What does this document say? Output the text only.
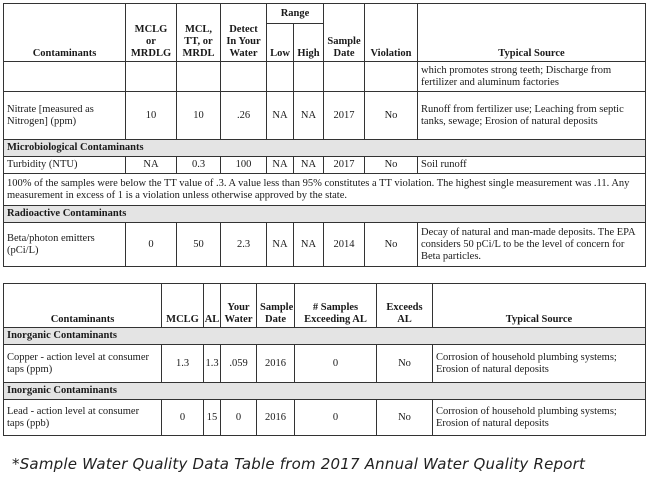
Contaminants	MCLG or MRDLG	MCL, TT, or MRDL	Detect In Your Water	Range		Sample Date	Violation	Typical Source
				Low	High			
								which promotes strong teeth; Discharge from fertilizer and aluminum factories
Nitrate [measured as Nitrogen] (ppm)	10	10	.26	NA	NA	2017	No	Runoff from fertilizer use; Leaching from septic tanks, sewage; Erosion of natural deposits
Microbiological Contaminants								
Turbidity (NTU)	NA	0.3	100	NA	NA	2017	No	Soil runoff
100% of the samples were below the TT value of .3. A value less than 95% constitutes a TT violation. The highest single measurement was .11. Any measurement in excess of 1 is a violation unless otherwise approved by the state.								
Radioactive Contaminants								
Beta/photon emitters (pCi/L)	0	50	2.3	NA	NA	2014	No	Decay of natural and man-made deposits. The EPA considers 50 pCi/L to be the level of concern for Beta particles.
Contaminants	MCLG	AL	Your Water	Sample Date	# Samples Exceeding AL	Exceeds AL	Typical Source
Inorganic Contaminants							
Copper - action level at consumer taps (ppm)	1.3	1.3	.059	2016	0	No	Corrosion of household plumbing systems; Erosion of natural deposits
Inorganic Contaminants							
Lead - action level at consumer taps (ppb)	0	15	0	2016	0	No	Corrosion of household plumbing systems; Erosion of natural deposits
*Sample Water Quality Data Table from 2017 Annual Water Quality Report
